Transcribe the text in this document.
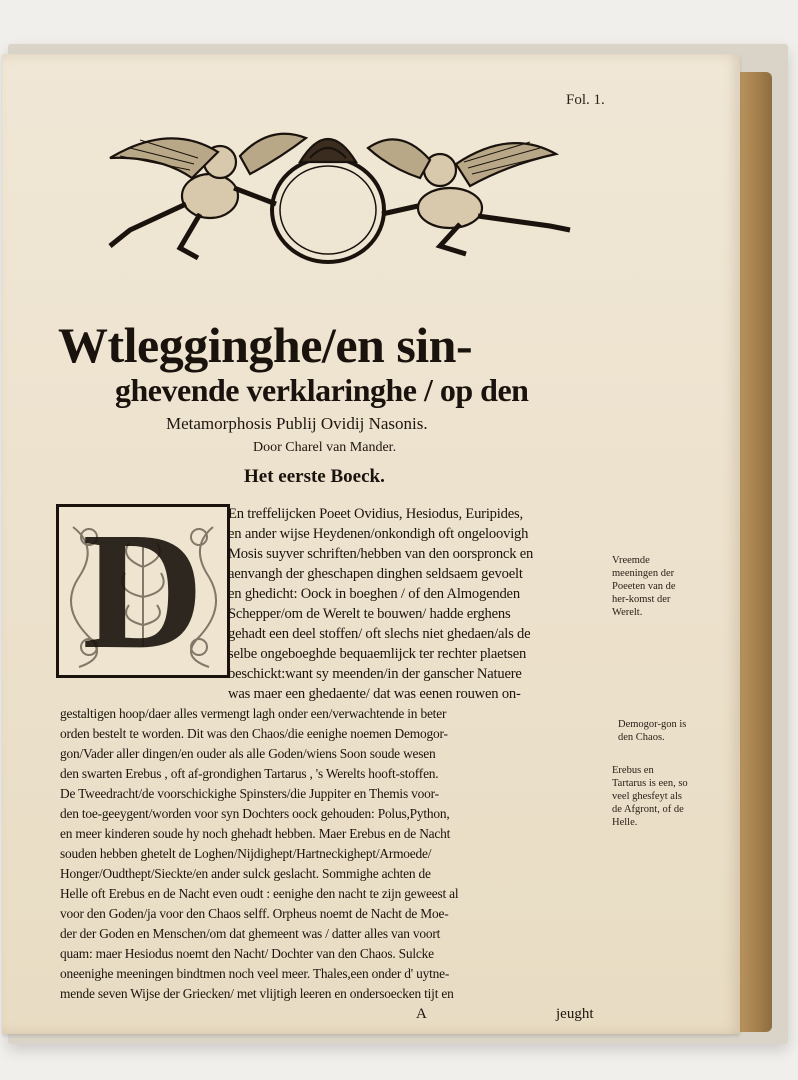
Fol. 1.
Wtlegginghe/en sin-
ghevende verklaringhe / op den
Metamorphosis Publij Ovidij Nasonis.
Door Charel van Mander.
Het eerste Boeck.
D	En treffelijcken Poeet Ovidius, Hesiodus, Euripides,
en ander wijse Heydenen/onkondigh oft ongeloovigh
Mosis suyver schriften/hebben van den oorspronck en
aenvangh der gheschapen dinghen seldsaem gevoelt
en ghedicht: Oock in boeghen / of den Almogenden
Schepper/om de Werelt te bouwen/ hadde erghens
gehadt een deel stoffen/ oft slechs niet ghedaen/als de
selbe ongeboeghde bequaemlijck ter rechter plaetsen
beschickt:want sy meenden/in der ganscher Natuere
was maer een ghedaente/ dat was eenen rouwen on-
gestaltigen hoop/daer alles vermengt lagh onder een/verwachtende in beter
orden bestelt te worden. Dit was den Chaos/die eenighe noemen Demogor-
gon/Vader aller dingen/en ouder als alle Goden/wiens Soon soude wesen
den swarten Erebus , oft af-grondighen Tartarus , 's Werelts hooft-stoffen.
De Tweedracht/de voorschickighe Spinsters/die Juppiter en Themis voor-
den toe-geeygent/worden voor syn Dochters oock gehouden: Polus,Python,
en meer kinderen soude hy noch ghehadt hebben. Maer Erebus en de Nacht
souden hebben ghetelt de Loghen/Nijdighept/Hartneckighept/Armoede/
Honger/Oudthept/Sieckte/en ander sulck geslacht. Sommighe achten de
Helle oft Erebus en de Nacht even oudt : eenighe den nacht te zijn geweest al
voor den Goden/ja voor den Chaos selff. Orpheus noemt de Nacht de Moe-
der der Goden en Menschen/om dat ghemeent was / datter alles van voort
quam: maer Hesiodus noemt den Nacht/ Dochter van den Chaos. Sulcke
oneenighe meeningen bindtmen noch veel meer. Thales,een onder d' uytne-
mende seven Wijse der Griecken/ met vlijtigh leeren en ondersoecken tijt en
A	jeught
Vreemde meeningen der Poeeten van de her-komst der Werelt.
Demogor-gon is den Chaos.
Erebus en Tartarus is een, so veel ghesfeyt als de Afgront, of de Helle.
